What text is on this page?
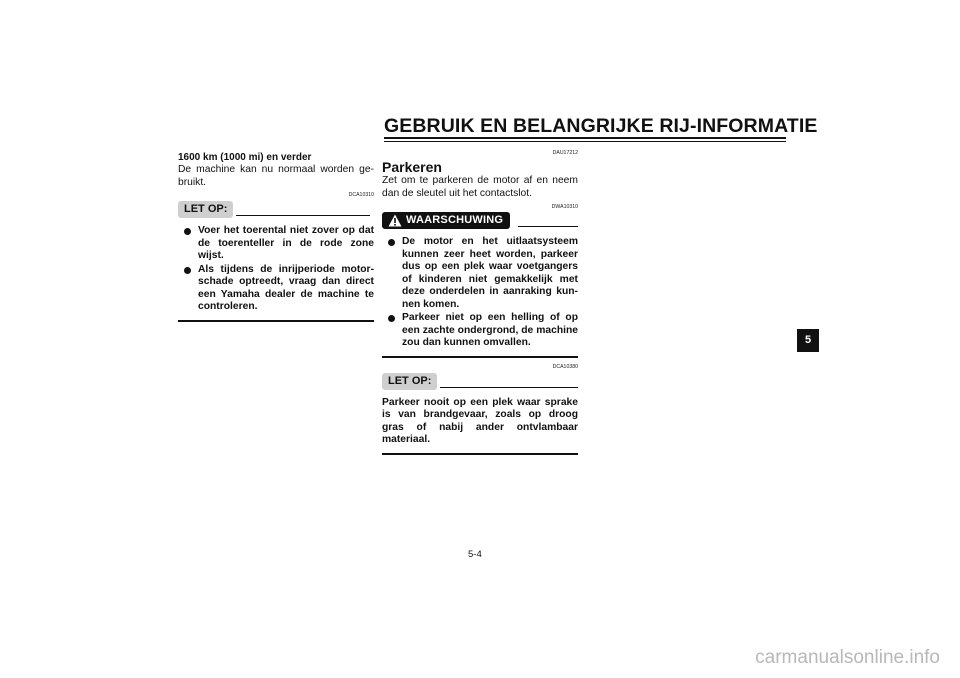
GEBRUIK EN BELANGRIJKE RIJ-INFORMATIE
1600 km (1000 mi) en verder
De machine kan nu normaal worden ge-bruikt.
DCA10310
LET OP:
Voer het toerental niet zover op dat de toerenteller in de rode zone wijst.
Als tijdens de inrijperiode motor-schade optreedt, vraag dan direct een Yamaha dealer de machine te controleren.
DAU17212
Parkeren
Zet om te parkeren de motor af en neem dan de sleutel uit het contactslot.
DWA10310
WAARSCHUWING
De motor en het uitlaatsysteem kunnen zeer heet worden, parkeer dus op een plek waar voetgangers of kinderen niet gemakkelijk met deze onderdelen in aanraking kun-nen komen.
Parkeer niet op een helling of op een zachte ondergrond, de machine zou dan kunnen omvallen.
DCA10380
LET OP:
Parkeer nooit op een plek waar sprake is van brandgevaar, zoals op droog gras of nabij ander ontvlambaar materiaal.
5-4
5
carmanualsonline.info
